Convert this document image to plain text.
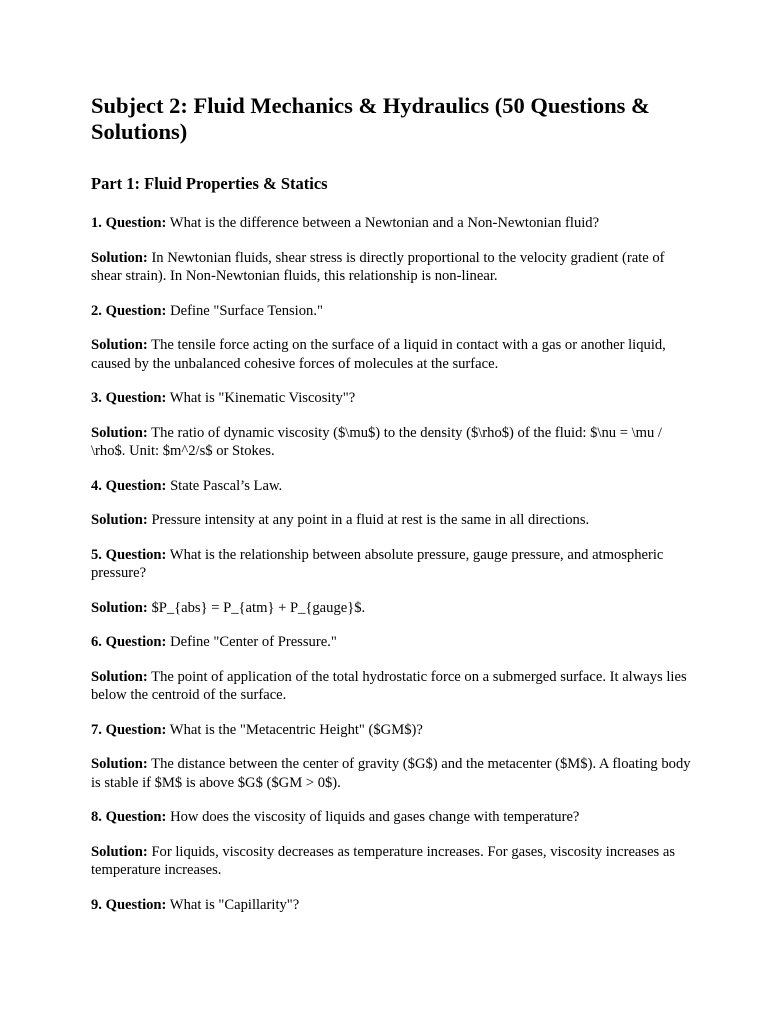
Subject 2: Fluid Mechanics & Hydraulics (50 Questions & Solutions)
Part 1: Fluid Properties & Statics

1. Question: What is the difference between a Newtonian and a Non-Newtonian fluid?

Solution: In Newtonian fluids, shear stress is directly proportional to the velocity gradient (rate of shear strain). In Non-Newtonian fluids, this relationship is non-linear.

2. Question: Define "Surface Tension."

Solution: The tensile force acting on the surface of a liquid in contact with a gas or another liquid, caused by the unbalanced cohesive forces of molecules at the surface.

3. Question: What is "Kinematic Viscosity"?

Solution: The ratio of dynamic viscosity ($\mu$) to the density ($\rho$) of the fluid: $\nu = \mu / \rho$. Unit: $m^2/s$ or Stokes.

4. Question: State Pascal’s Law.

Solution: Pressure intensity at any point in a fluid at rest is the same in all directions.

5. Question: What is the relationship between absolute pressure, gauge pressure, and atmospheric pressure?

Solution: $P_{abs} = P_{atm} + P_{gauge}$.

6. Question: Define "Center of Pressure."

Solution: The point of application of the total hydrostatic force on a submerged surface. It always lies below the centroid of the surface.

7. Question: What is the "Metacentric Height" ($GM$)?

Solution: The distance between the center of gravity ($G$) and the metacenter ($M$). A floating body is stable if $M$ is above $G$ ($GM > 0$).

8. Question: How does the viscosity of liquids and gases change with temperature?

Solution: For liquids, viscosity decreases as temperature increases. For gases, viscosity increases as temperature increases.

9. Question: What is "Capillarity"?
